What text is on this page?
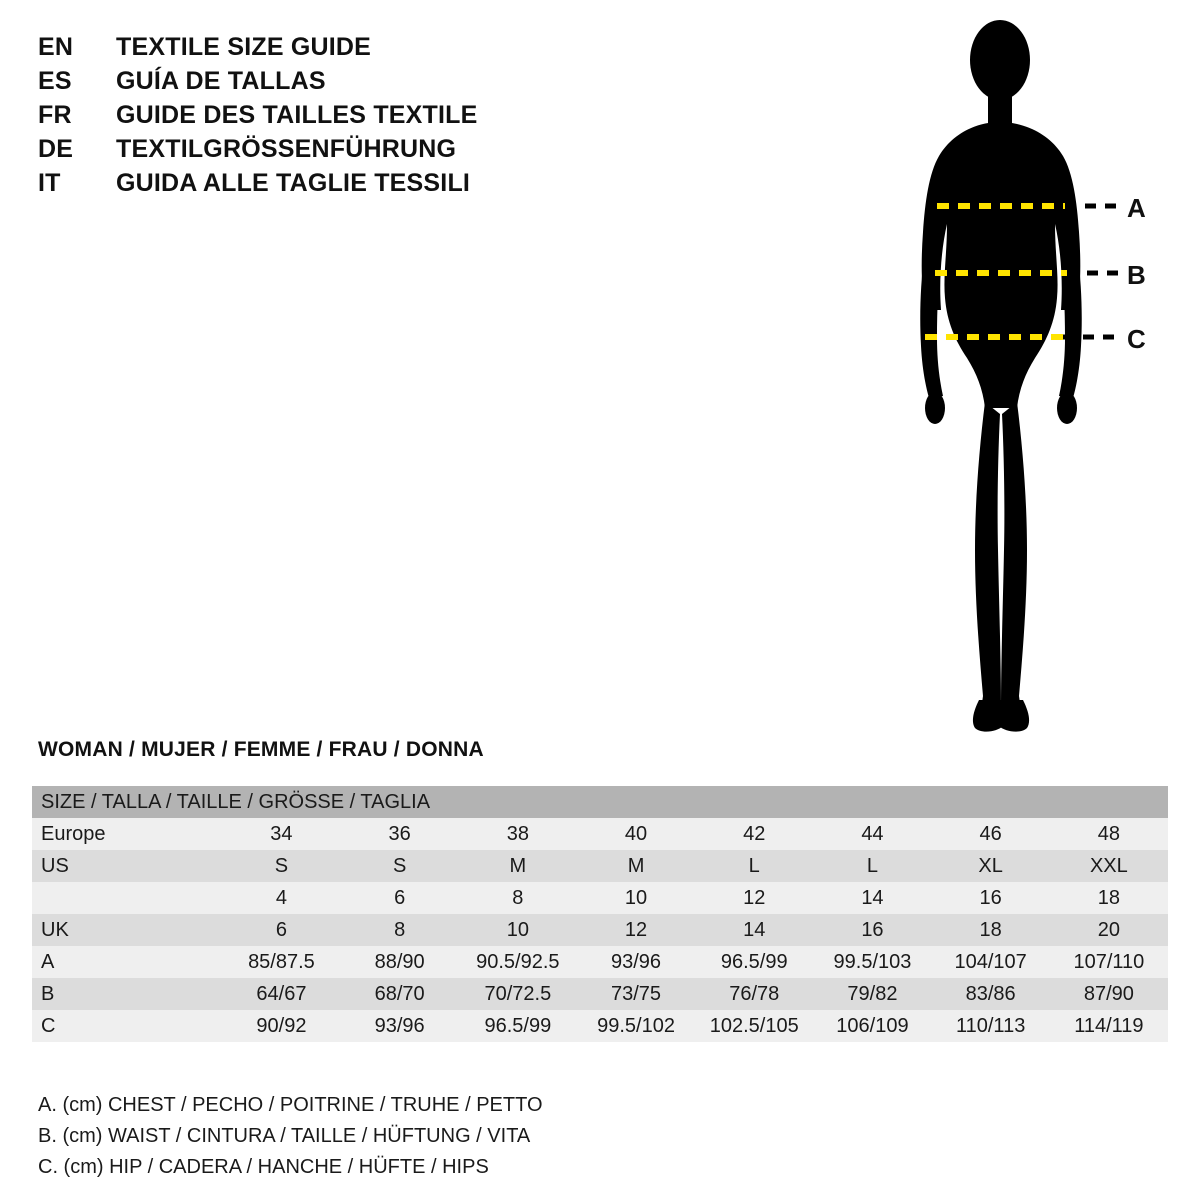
EN	TEXTILE SIZE GUIDE
ES	GUÍA DE TALLAS
FR	GUIDE DES TAILLES TEXTILE
DE	TEXTILGRÖSSENFÜHRUNG
IT	GUIDA ALLE TAGLIE TESSILI
A
B
C
WOMAN / MUJER / FEMME / FRAU / DONNA
SIZE / TALLA / TAILLE / GRÖSSE / TAGLIA								
Europe	34	36	38	40	42	44	46	48
US	S	S	M	M	L	L	XL	XXL
	4	6	8	10	12	14	16	18
UK	6	8	10	12	14	16	18	20
A	85/87.5	88/90	90.5/92.5	93/96	96.5/99	99.5/103	104/107	107/110
B	64/67	68/70	70/72.5	73/75	76/78	79/82	83/86	87/90
C	90/92	93/96	96.5/99	99.5/102	102.5/105	106/109	110/113	114/119
A. (cm) CHEST / PECHO / POITRINE / TRUHE / PETTO
B. (cm) WAIST / CINTURA / TAILLE / HÜFTUNG / VITA
C. (cm) HIP / CADERA / HANCHE / HÜFTE / HIPS
